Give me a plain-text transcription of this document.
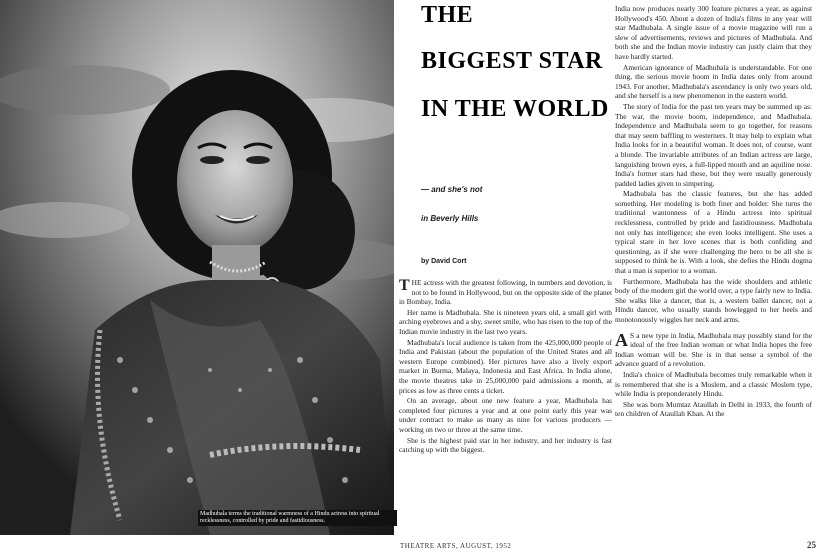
Madhubala terms the traditional warmness of a Hindu actress into spiritual recklessness, controlled by pride and fastidiousness.
THE
BIGGEST STAR
IN THE WORLD
— and she's not
in Beverly Hills
by David Cort

THE actress with the greatest following, in numbers and devotion, is not to be found in Hollywood, but on the opposite side of the planet in Bombay, India.

Her name is Madhubala. She is nineteen years old, a small girl with arching eyebrows and a shy, sweet smile, who has risen to the top of the Indian movie industry in the last two years.

Madhubala's local audience is taken from the 425,000,000 people of India and Pakistan (about the population of the United States and all western Europe combined). Her pictures have also a lively export market in Burma, Malaya, Indonesia and East Africa. In India alone, the movie theatres take in 25,000,000 paid admissions a month, at prices as low as three cents a ticket.

On an average, about one new feature a year, Madhubala has completed four pictures a year and at one point early this year was under contract to make as many as nine for various producers — working on two or three at the same time.

She is the highest paid star in her industry, and her industry is fast catching up with the biggest.

India now produces nearly 300 feature pictures a year, as against Hollywood's 450. About a dozen of India's films in any year will star Madhubala. A single issue of a movie magazine will run a slew of advertisements, reviews and pictures of Madhubala. And both she and the Indian movie industry can justly claim that they have hardly started.

American ignorance of Madhubala is understandable. For one thing, the serious movie boom in India dates only from around 1943. For another, Madhubala's ascendancy is only two years old, and she herself is a new phenomenon in the eastern world.

The story of India for the past ten years may be summed up as: The war, the movie boom, independence, and Madhubala. Independence and Madhubala seem to go together, for reasons that may seem baffling to westerners. It may help to explain what India looks for in a beautiful woman. It does not, of course, want a blonde. The invariable attributes of an Indian actress are large, languishing brown eyes, a full-lipped mouth and an aquiline nose. India's former stars had these, but they were usually generously padded ladies given to simpering.

Madhubala has the classic features, but she has added something. Her modeling is both finer and bolder. She turns the traditional wantonness of a Hindu actress into spiritual recklessness, controlled by pride and fastidiousness. Madhubala not only has intelligence; she even looks intelligent. She uses a typical stare in her love scenes that is both confiding and questioning, as if she were challenging the hero to be all she is supposed to think he is. With a look, she defies the Hindu dogma that a man is superior to a woman.

Furthermore, Madhubala has the wide shoulders and athletic body of the modern girl the world over, a type fairly new to India. She walks like a dancer, that is, a western ballet dancer, not a Hindu dancer, who usually stands bowlegged to her heels and monotonously wiggles her neck and arms.

A S a new type in India, Madhubala may possibly stand for the ideal of the free Indian woman or what India hopes the free Indian woman will be. She is in that sense a symbol of the advance guard of a revolution.

India's choice of Madhubala becomes truly remarkable when it is remembered that she is a Moslem, and a classic Moslem type, while India is preponderately Hindu.

She was born Mumtaz Ataullah in Delhi in 1933, the fourth of ten children of Ataullah Khan. At the

THEATRE ARTS, AUGUST, 1952	25
